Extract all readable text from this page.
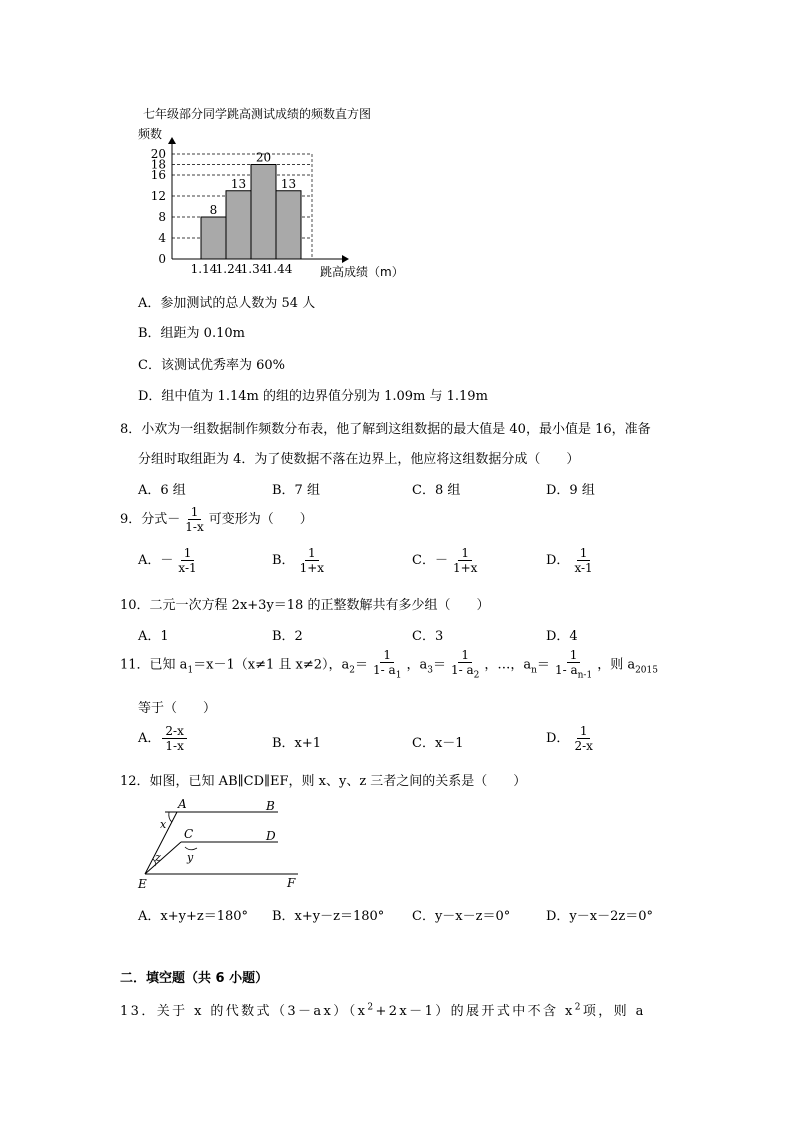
七年级部分同学跳高测试成绩的频数直方图
0
4
8
12
16
18
20
8
13
20
13
1.14
1.24
1.34
1.44
频数
跳高成绩（m）
A．参加测试的总人数为 54 人
B．组距为 0.10m
C．该测试优秀率为 60%
D．组中值为 1.14m 的组的边界值分别为 1.09m 与 1.19m
8．小欢为一组数据制作频数分布表，他了解到这组数据的最大值是 40，最小值是 16，准备
分组时取组距为 4．为了使数据不落在边界上，他应将这组数据分成（　　）
A．6 组	B．7 组	C．8 组	D．9 组
9．分式－ $\frac{1}{1-x}$ 可变形为（　　）
A．－ $\frac{1}{x-1}$	B． $\frac{1}{1+x}$	C．－ $\frac{1}{1+x}$	D． $\frac{1}{x-1}$
10．二元一次方程 2x+3y＝18 的正整数解共有多少组（　　）
A．1	B．2	C．3	D．4
11．已知 $a_1=x-1(x\ne 1$ 且 x≠2），$a_2= \frac{1}{1- a_1}$ ，$a_3= \frac{1}{1- a_2}$ ，…，$a_n= \frac{1}{1- a_{n-1}}$ ，则 $a_{2015}$
等于（　　）
A． $\frac{2-x}{1-x}$	B．x+1	C．x－1	D． $\frac{1}{2-x}$
12．如图，已知 AB∥CD∥EF，则 x、y、z 三者之间的关系是（　　）
A	B
C	D
E	F
x
y
z
A．x+y+z＝180° B．x+y－z＝180° C．y－x－z＝0°	D．y－x－2z＝0°
二．填空题（共 6 小题）
13．关于 x 的代数式$(3-ax)(x^2+2x-1)$的展开式中不含 $x^2$项，则 a
